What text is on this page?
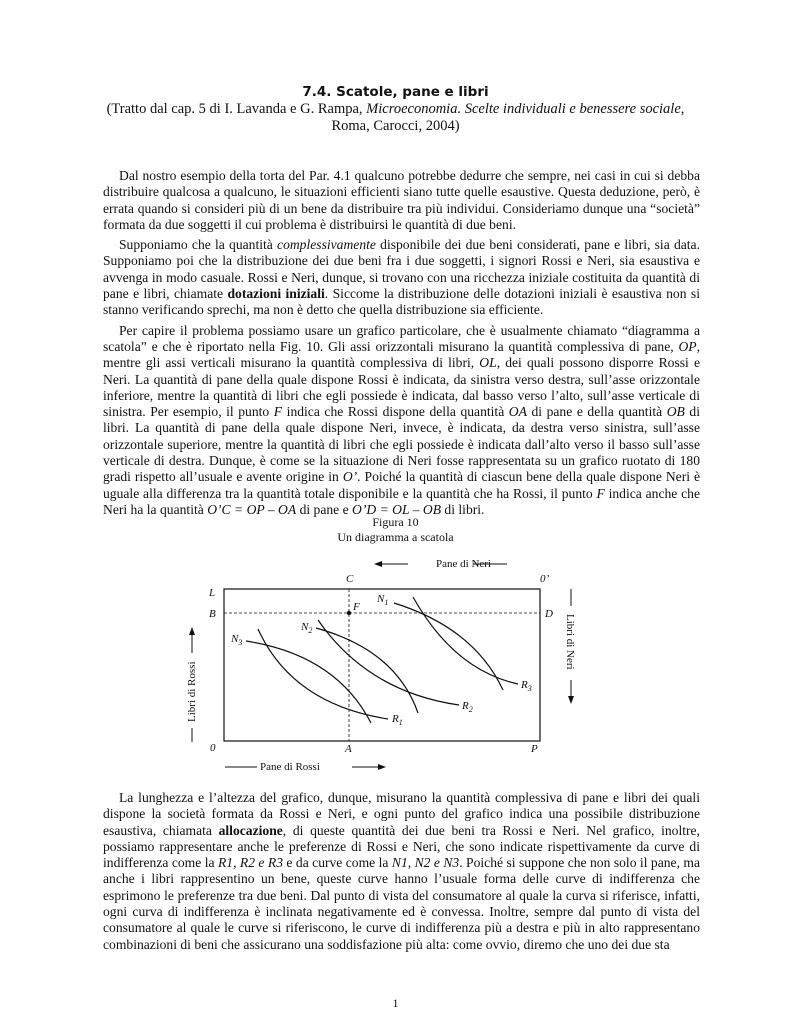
7.4. Scatole, pane e libri
(Tratto dal cap. 5 di I. Lavanda e G. Rampa, Microeconomia. Scelte individuali e benessere sociale,
Roma, Carocci, 2004)

Dal nostro esempio della torta del Par. 4.1 qualcuno potrebbe dedurre che sempre, nei casi in cui si debba distribuire qualcosa a qualcuno, le situazioni efficienti siano tutte quelle esaustive. Questa deduzione, però, è errata quando si consideri più di un bene da distribuire tra più individui. Consideriamo dunque una “società” formata da due soggetti il cui problema è distribuirsi le quantità di due beni.

Supponiamo che la quantità complessivamente disponibile dei due beni considerati, pane e libri, sia data. Supponiamo poi che la distribuzione dei due beni fra i due soggetti, i signori Rossi e Neri, sia esaustiva e avvenga in modo casuale. Rossi e Neri, dunque, si trovano con una ricchezza iniziale costituita da quantità di pane e libri, chiamate dotazioni iniziali. Siccome la distribuzione delle dotazioni iniziali è esaustiva non si stanno verificando sprechi, ma non è detto che quella distribuzione sia efficiente.

Per capire il problema possiamo usare un grafico particolare, che è usualmente chiamato “diagramma a scatola” e che è riportato nella Fig. 10. Gli assi orizzontali misurano la quantità complessiva di pane, OP, mentre gli assi verticali misurano la quantità complessiva di libri, OL, dei quali possono disporre Rossi e Neri. La quantità di pane della quale dispone Rossi è indicata, da sinistra verso destra, sull’asse orizzontale inferiore, mentre la quantità di libri che egli possiede è indicata, dal basso verso l’alto, sull’asse verticale di sinistra. Per esempio, il punto F indica che Rossi dispone della quantità OA di pane e della quantità OB di libri. La quantità di pane della quale dispone Neri, invece, è indicata, da destra verso sinistra, sull’asse orizzontale superiore, mentre la quantità di libri che egli possiede è indicata dall’alto verso il basso sull’asse verticale di destra. Dunque, è come se la situazione di Neri fosse rappresentata su un grafico ruotato di 180 gradi rispetto all’usuale e avente origine in O’. Poiché la quantità di ciascun bene della quale dispone Neri è uguale alla differenza tra la quantità totale disponibile e la quantità che ha Rossi, il punto F indica anche che Neri ha la quantità O’C = OP – OA di pane e O’D = OL – OB di libri.

Figura 10
Un diagramma a scatola
Pane di Neri
L
B
0	A
C	0’
D
P
F
$N_1$
$N_2$
$N_3$
$R_1$
$R_2$
$R_3$
Libri di Rossi
Libri di Neri
Pane di Rossi

La lunghezza e l’altezza del grafico, dunque, misurano la quantità complessiva di pane e libri dei quali dispone la società formata da Rossi e Neri, e ogni punto del grafico indica una possibile distribuzione esaustiva, chiamata allocazione, di queste quantità dei due beni tra Rossi e Neri. Nel grafico, inoltre, possiamo rappresentare anche le preferenze di Rossi e Neri, che sono indicate rispettivamente da curve di indifferenza come la R1, R2 e R3 e da curve come la N1, N2 e N3. Poiché si suppone che non solo il pane, ma anche i libri rappresentino un bene, queste curve hanno l’usuale forma delle curve di indifferenza che esprimono le preferenze tra due beni. Dal punto di vista del consumatore al quale la curva si riferisce, infatti, ogni curva di indifferenza è inclinata negativamente ed è convessa. Inoltre, sempre dal punto di vista del consumatore al quale le curve si riferiscono, le curve di indifferenza più a destra e più in alto rappresentano combinazioni di beni che assicurano una soddisfazione più alta: come ovvio, diremo che uno dei due sta

1
